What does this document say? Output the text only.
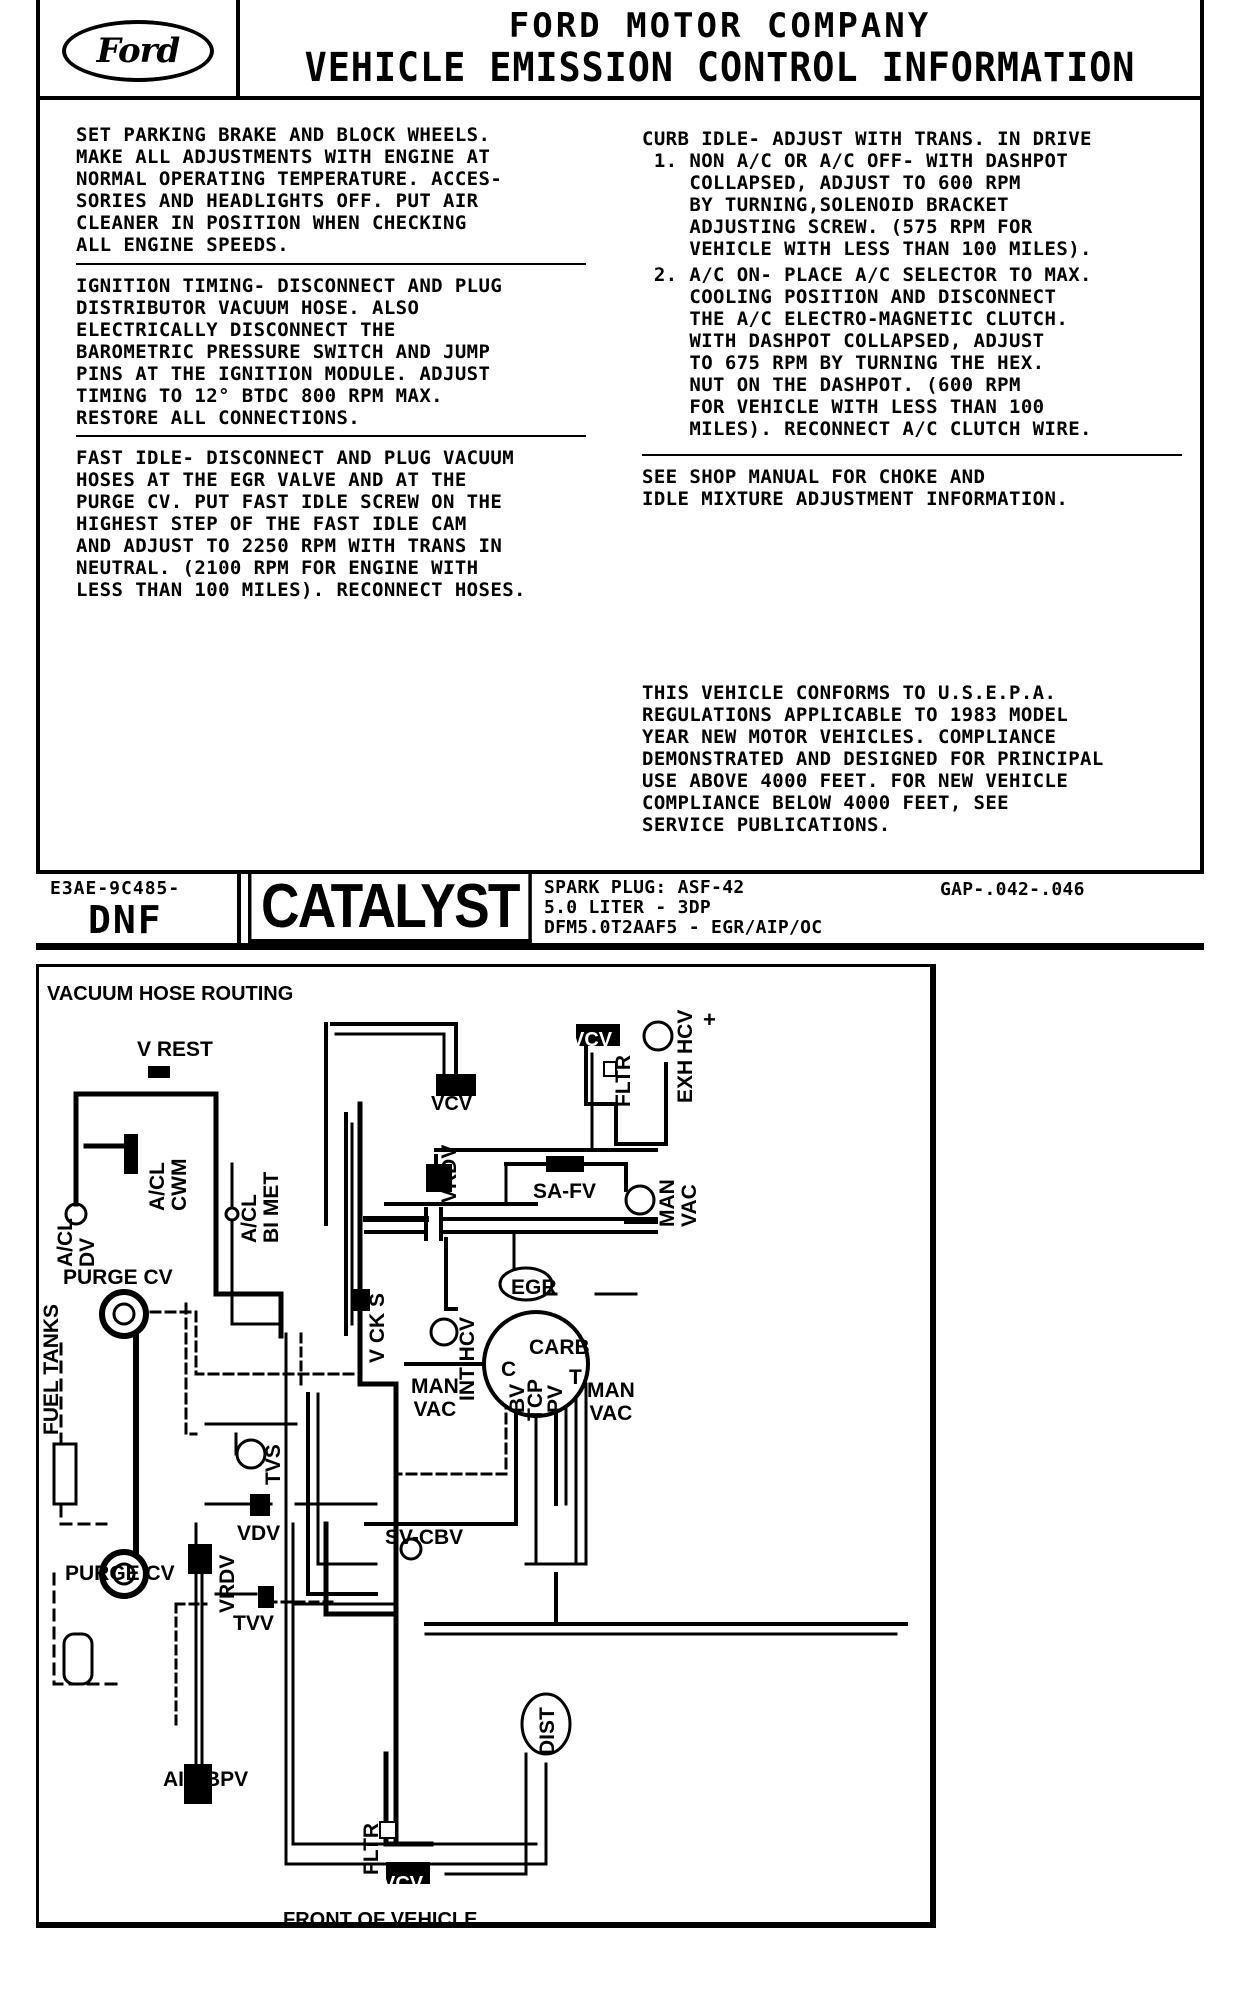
Ford
FORD MOTOR COMPANY
VEHICLE EMISSION CONTROL INFORMATION
SET PARKING BRAKE AND BLOCK WHEELS.
MAKE ALL ADJUSTMENTS WITH ENGINE AT
NORMAL OPERATING TEMPERATURE. ACCES-
SORIES AND HEADLIGHTS OFF. PUT AIR
CLEANER IN POSITION WHEN CHECKING
ALL ENGINE SPEEDS.
IGNITION TIMING- DISCONNECT AND PLUG
DISTRIBUTOR VACUUM HOSE. ALSO
ELECTRICALLY DISCONNECT THE
BAROMETRIC PRESSURE SWITCH AND JUMP
PINS AT THE IGNITION MODULE. ADJUST
TIMING TO 12° BTDC 800 RPM MAX.
RESTORE ALL CONNECTIONS.
FAST IDLE- DISCONNECT AND PLUG VACUUM
HOSES AT THE EGR VALVE AND AT THE
PURGE CV. PUT FAST IDLE SCREW ON THE
HIGHEST STEP OF THE FAST IDLE CAM
AND ADJUST TO 2250 RPM WITH TRANS IN
NEUTRAL. (2100 RPM FOR ENGINE WITH
LESS THAN 100 MILES). RECONNECT HOSES.
CURB IDLE- ADJUST WITH TRANS. IN DRIVE
1. NON A/C OR A/C OFF- WITH DASHPOT
COLLAPSED, ADJUST TO 600 RPM
BY TURNING,SOLENOID BRACKET
ADJUSTING SCREW. (575 RPM FOR
VEHICLE WITH LESS THAN 100 MILES).
2. A/C ON- PLACE A/C SELECTOR TO MAX.
COOLING POSITION AND DISCONNECT
THE A/C ELECTRO-MAGNETIC CLUTCH.
WITH DASHPOT COLLAPSED, ADJUST
TO 675 RPM BY TURNING THE HEX.
NUT ON THE DASHPOT. (600 RPM
FOR VEHICLE WITH LESS THAN 100
MILES). RECONNECT A/C CLUTCH WIRE.
SEE SHOP MANUAL FOR CHOKE AND
IDLE MIXTURE ADJUSTMENT INFORMATION.
THIS VEHICLE CONFORMS TO U.S.E.P.A.
REGULATIONS APPLICABLE TO 1983 MODEL
YEAR NEW MOTOR VEHICLES. COMPLIANCE
DEMONSTRATED AND DESIGNED FOR PRINCIPAL
USE ABOVE 4000 FEET. FOR NEW VEHICLE
COMPLIANCE BELOW 4000 FEET, SEE
SERVICE PUBLICATIONS.
E3AE-9C485-
DNF CATALYST	SPARK PLUG: ASF-42
5.0 LITER - 3DP
DFM5.0T2AAF5 - EGR/AIP/OC
GAP-.042-.046
VACUUM HOSE ROUTING
V REST
A/CL
CWM
A/CL
BI MET
A/CL
DV
PURGE CV
PURGE CV
FUEL TANKS
VCV
VCV
VCV
FLTR
FLTR
EXH HCV
VRDV	SA-FV	MAN
VAC
V CK S	INT HCV
EGR
CARB
C
BV
TCP
PV
T
MAN
VAC
MAN
VAC
TVS
VDV	SV-CBV
VRDV
TVV
AIR BPV
DIST
FRONT OF VEHICLE
+
